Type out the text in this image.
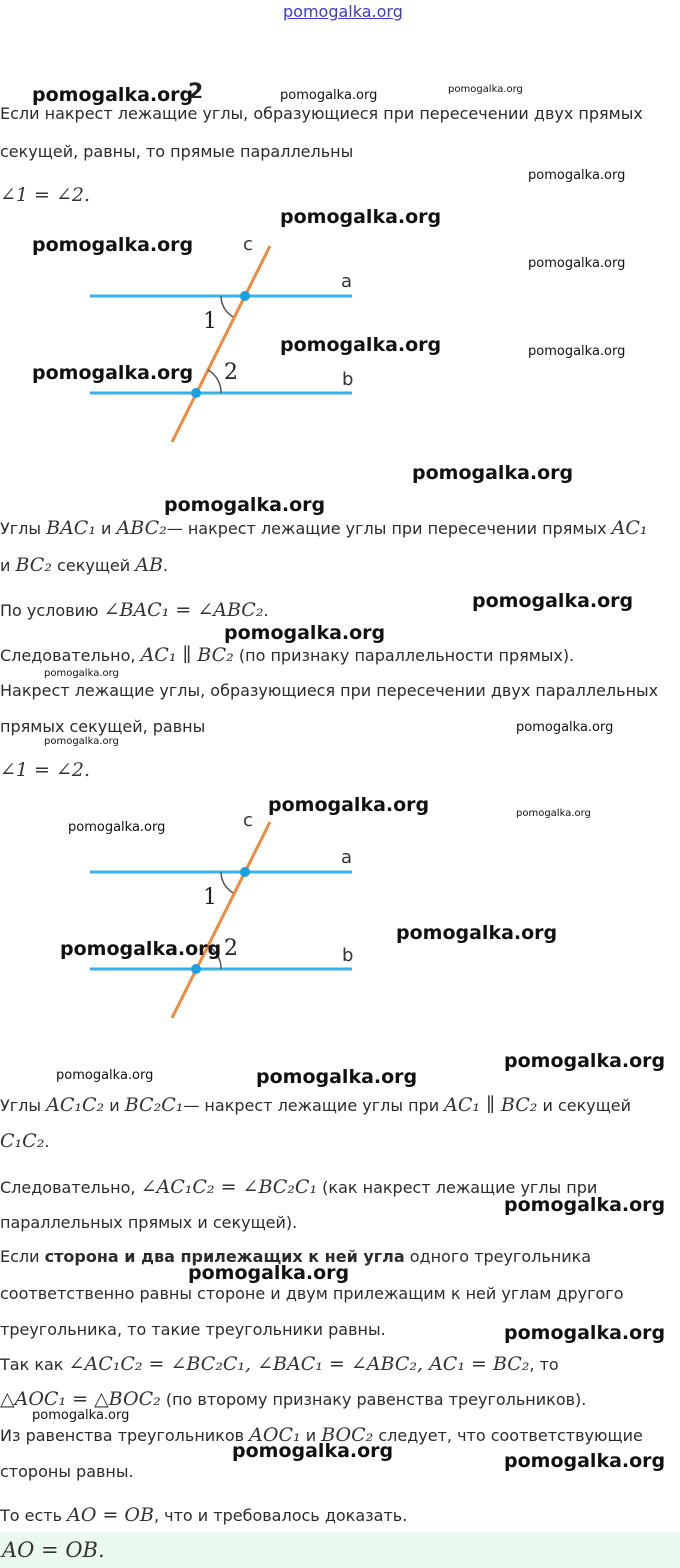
pomogalka.org
pomogalka.org
2	pomogalka.org	pomogalka.org
Если накрест лежащие углы, образующиеся при пересечении двух прямых
секущей, равны, то прямые параллельны
∠1 = ∠2.
pomogalka.org
c
a
b
1
2
pomogalka.org
pomogalka.org
pomogalka.org
pomogalka.org	pomogalka.org
pomogalka.org
pomogalka.org
pomogalka.org
Углы BAC₁ и ABC₂— накрест лежащие углы при пересечении прямых AC₁
и BC₂ секущей AB.
По условию ∠BAC₁ = ∠ABC₂.	pomogalka.org
pomogalka.org
Следовательно, AC₁ ∥ BC₂ (по признаку параллельности прямых).
Накрест лежащие углы, образующиеся при пересечении двух параллельных
pomogalka.org
прямых секущей, равны	pomogalka.org
pomogalka.org
∠1 = ∠2.
c
a
b
1
2
pomogalka.org	pomogalka.org
pomogalka.org
pomogalka.org
pomogalka.org
pomogalka.org
pomogalka.org	pomogalka.org
Углы AC₁C₂ и BC₂C₁— накрест лежащие углы при AC₁ ∥ BC₂ и секущей
C₁C₂.
Следовательно, ∠AC₁C₂ = ∠BC₂C₁ (как накрест лежащие углы при
pomogalka.org
параллельных прямых и секущей).
Если сторона и два прилежащих к ней угла одного треугольника
pomogalka.org
соответственно равны стороне и двум прилежащим к ней углам другого
треугольника, то такие треугольники равны.	pomogalka.org
Так как ∠AC₁C₂ = ∠BC₂C₁, ∠BAC₁ = ∠ABC₂, AC₁ = BC₂, то
△AOC₁ = △BOC₂ (по второму признаку равенства треугольников).
pomogalka.org
Из равенства треугольников AOC₁ и BOC₂ следует, что соответствующие
pomogalka.org	pomogalka.org
стороны равны.
То есть AO = OB, что и требовалось доказать.
AO = OB.
